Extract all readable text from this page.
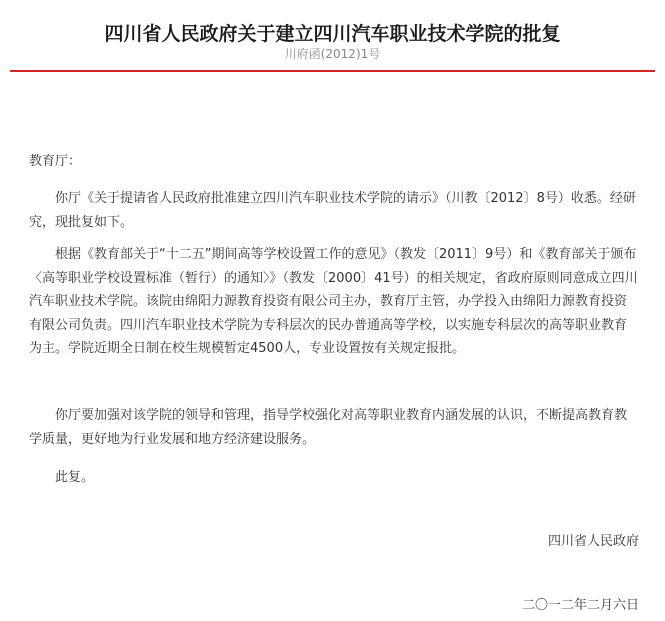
四川省人民政府关于建立四川汽车职业技术学院的批复
川府函(2012)1号
教育厅：

你厅《关于提请省人民政府批准建立四川汽车职业技术学院的请示》（川教〔2012〕8号）收悉。经研究，现批复如下。

根据《教育部关于“十二五”期间高等学校设置工作的意见》（教发〔2011〕9号）和《教育部关于颁布〈高等职业学校设置标准（暂行）的通知〉》（教发〔2000〕41号）的相关规定，省政府原则同意成立四川汽车职业技术学院。该院由绵阳力源教育投资有限公司主办，教育厅主管，办学投入由绵阳力源教育投资有限公司负责。四川汽车职业技术学院为专科层次的民办普通高等学校，以实施专科层次的高等职业教育为主。学院近期全日制在校生规模暂定4500人，专业设置按有关规定报批。

你厅要加强对该学院的领导和管理，指导学校强化对高等职业教育内涵发展的认识，不断提高教育教学质量，更好地为行业发展和地方经济建设服务。

此复。

四川省人民政府
二〇一二年二月六日
